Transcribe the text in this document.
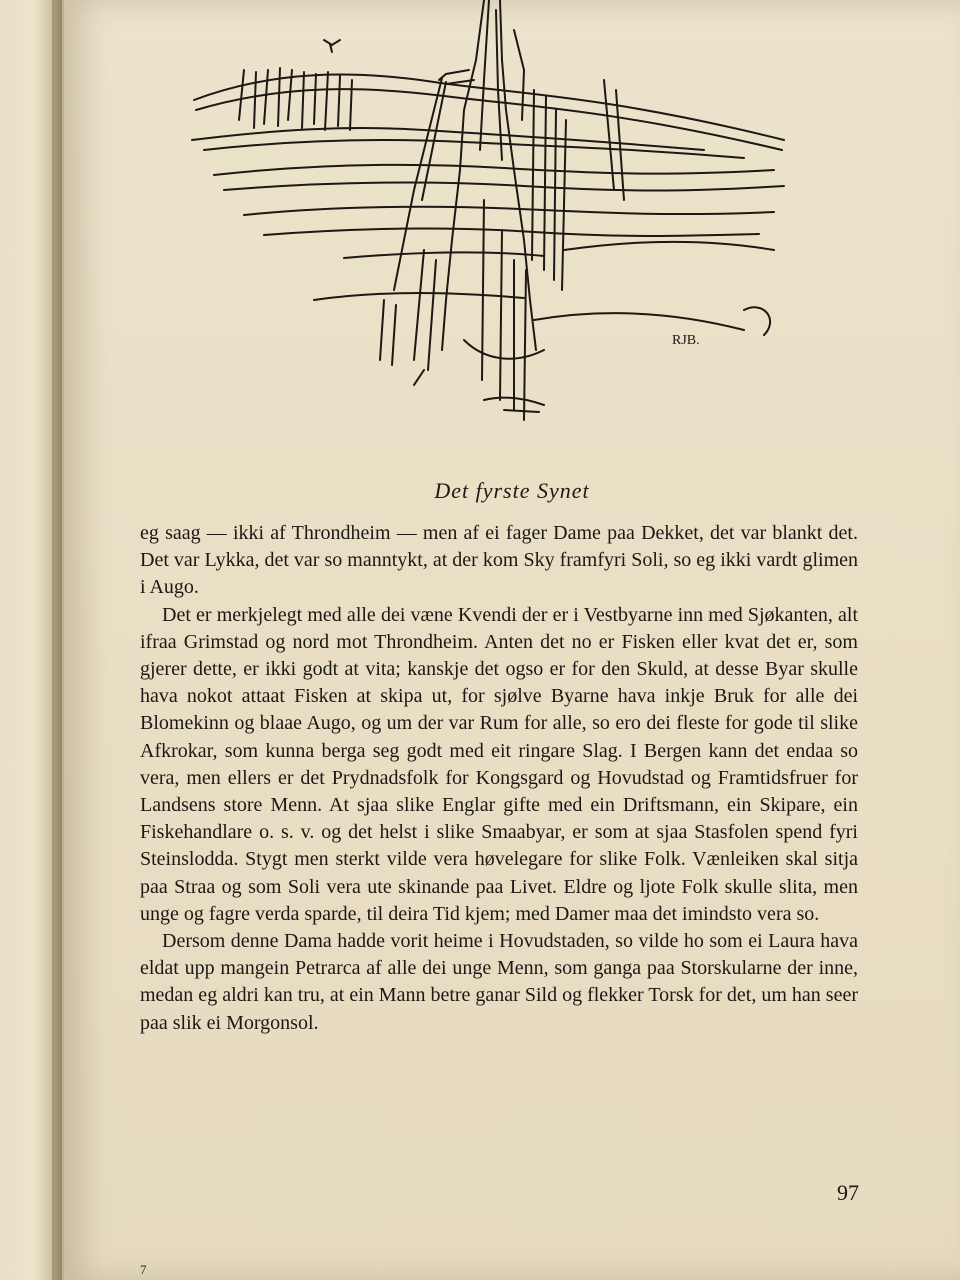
RJB.
Det fyrste Synet

eg saag — ikki af Throndheim — men af ei fager Dame paa Dekket, det var blankt det. Det var Lykka, det var so manntykt, at der kom Sky framfyri Soli, so eg ikki vardt glimen i Augo.

Det er merkjelegt med alle dei væne Kvendi der er i Vestbyarne inn med Sjøkanten, alt ifraa Grimstad og nord mot Throndheim. Anten det no er Fisken eller kvat det er, som gjerer dette, er ikki godt at vita; kanskje det ogso er for den Skuld, at desse Byar skulle hava nokot attaat Fisken at skipa ut, for sjølve Byarne hava inkje Bruk for alle dei Blomekinn og blaae Augo, og um der var Rum for alle, so ero dei fleste for gode til slike Afkrokar, som kunna berga seg godt med eit ringare Slag. I Bergen kann det endaa so vera, men ellers er det Prydnadsfolk for Kongsgard og Hovudstad og Framtidsfruer for Landsens store Menn. At sjaa slike Englar gifte med ein Driftsmann, ein Skipare, ein Fiskehandlare o. s. v. og det helst i slike Smaabyar, er som at sjaa Stasfolen spend fyri Steinslodda. Stygt men sterkt vilde vera høvelegare for slike Folk. Vænleiken skal sitja paa Straa og som Soli vera ute skinande paa Livet. Eldre og ljote Folk skulle slita, men unge og fagre verda sparde, til deira Tid kjem; med Damer maa det imindsto vera so.

Dersom denne Dama hadde vorit heime i Hovudstaden, so vilde ho som ei Laura hava eldat upp mangein Petrarca af alle dei unge Menn, som ganga paa Storskularne der inne, medan eg aldri kan tru, at ein Mann betre ganar Sild og flekker Torsk for det, um han seer paa slik ei Morgonsol.

97
7
